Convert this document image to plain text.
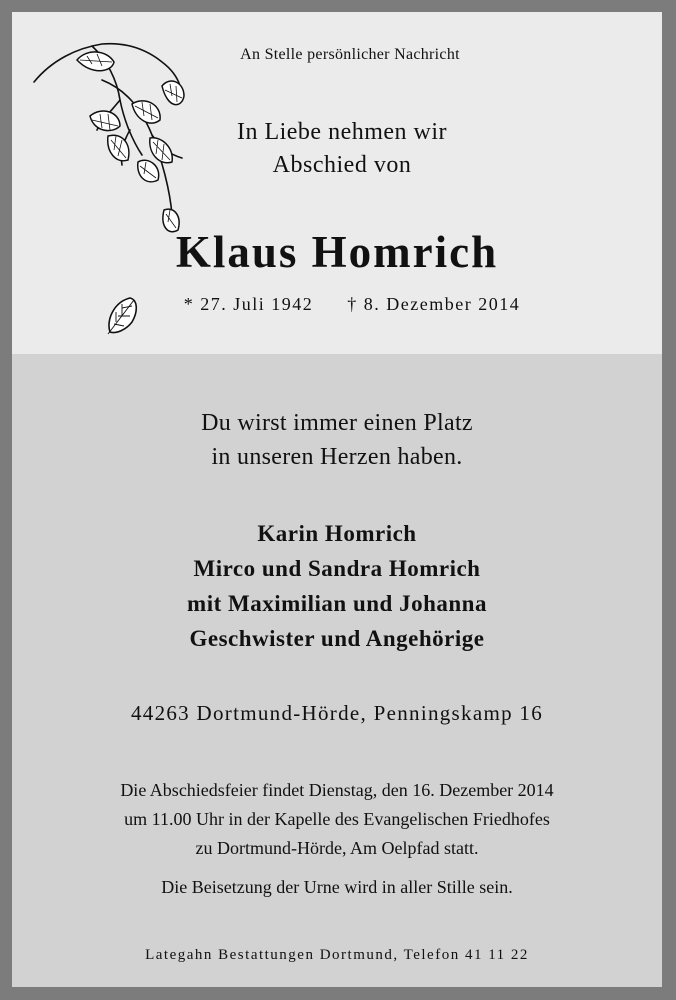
An Stelle persönlicher Nachricht

In Liebe nehmen wir
Abschied von

Klaus Homrich

* 27. Juli 1942 † 8. Dezember 2014
Du wirst immer einen Platz
in unseren Herzen haben.
Karin Homrich
Mirco und Sandra Homrich
mit Maximilian und Johanna
Geschwister und Angehörige

44263 Dortmund-Hörde, Penningskamp 16

Die Abschiedsfeier findet Dienstag, den 16. Dezember 2014
um 11.00 Uhr in der Kapelle des Evangelischen Friedhofes
zu Dortmund-Hörde, Am Oelpfad statt.

Die Beisetzung der Urne wird in aller Stille sein.

Lategahn Bestattungen Dortmund, Telefon 41 11 22
